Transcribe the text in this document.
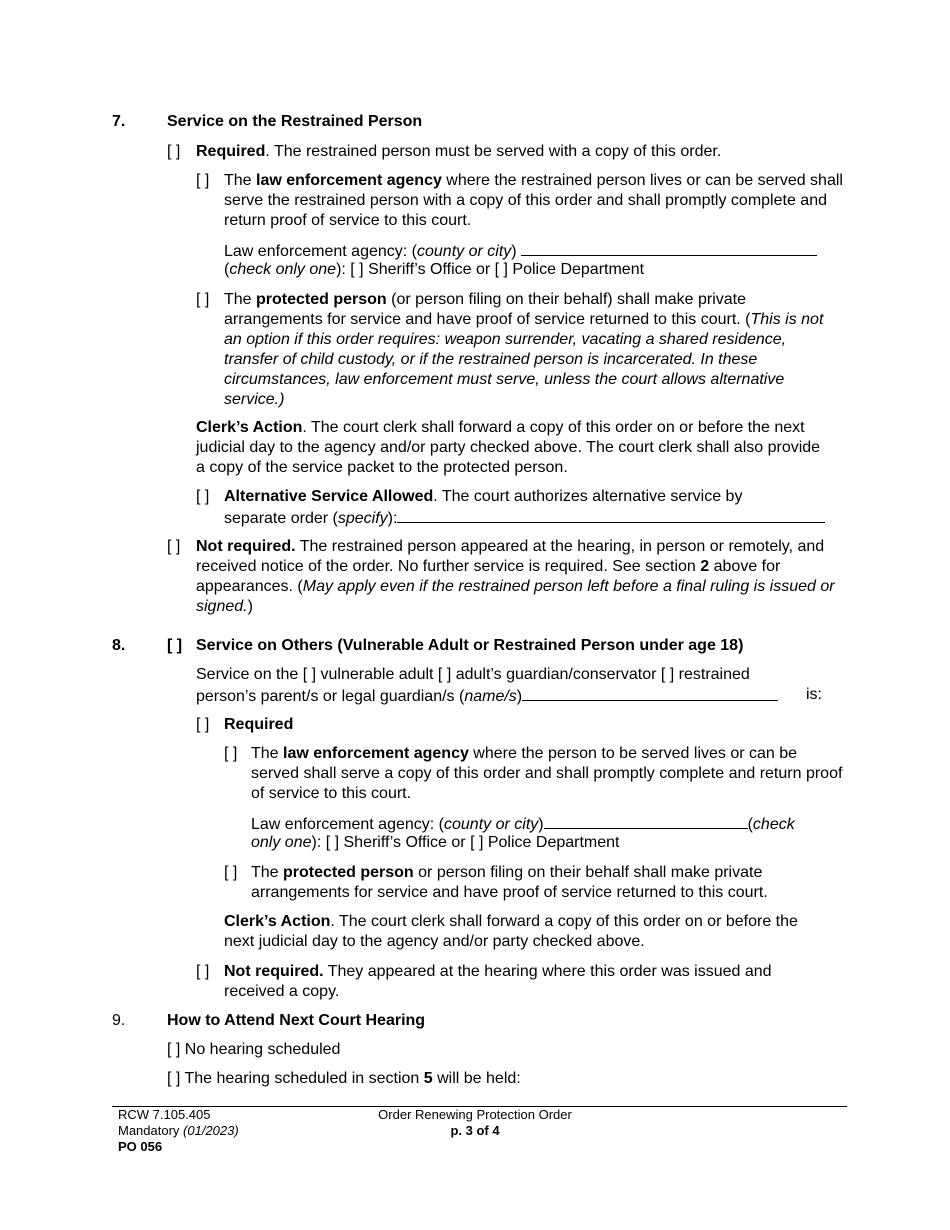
7.	Service on the Restrained Person
[ ] Required. The restrained person must be served with a copy of this order.
[ ] The law enforcement agency where the restrained person lives or can be served shall serve the restrained person with a copy of this order and shall promptly complete and return proof of service to this court.
Law enforcement agency: (county or city)
(check only one): [ ] Sheriff’s Office or [ ] Police Department
[ ] The protected person (or person filing on their behalf) shall make private arrangements for service and have proof of service returned to this court. (This is not an option if this order requires: weapon surrender, vacating a shared residence, transfer of child custody, or if the restrained person is incarcerated. In these circumstances, law enforcement must serve, unless the court allows alternative service.)
Clerk’s Action. The court clerk shall forward a copy of this order on or before the next judicial day to the agency and/or party checked above. The court clerk shall also provide a copy of the service packet to the protected person.
[ ] Alternative Service Allowed. The court authorizes alternative service by
separate order (specify):
[ ] Not required. The restrained person appeared at the hearing, in person or remotely, and received notice of the order. No further service is required. See section 2 above for appearances. (May apply even if the restrained person left before a final ruling is issued or signed.)
8.	[ ] Service on Others (Vulnerable Adult or Restrained Person under age 18)
Service on the [ ] vulnerable adult [ ] adult’s guardian/conservator [ ] restrained
person’s parent/s or legal guardian/s (name/s)	is:
[ ] Required
[ ] The law enforcement agency where the person to be served lives or can be served shall serve a copy of this order and shall promptly complete and return proof of service to this court.
Law enforcement agency: (county or city)	(check
only one): [ ] Sheriff’s Office or [ ] Police Department
[ ] The protected person or person filing on their behalf shall make private arrangements for service and have proof of service returned to this court.
Clerk’s Action. The court clerk shall forward a copy of this order on or before the next judicial day to the agency and/or party checked above.
[ ] Not required. They appeared at the hearing where this order was issued and received a copy.
9.	How to Attend Next Court Hearing
[ ] No hearing scheduled
[ ] The hearing scheduled in section 5 will be held:
RCW 7.105.405
Mandatory (01/2023)
PO 056
Order Renewing Protection Order
p. 3 of 4
